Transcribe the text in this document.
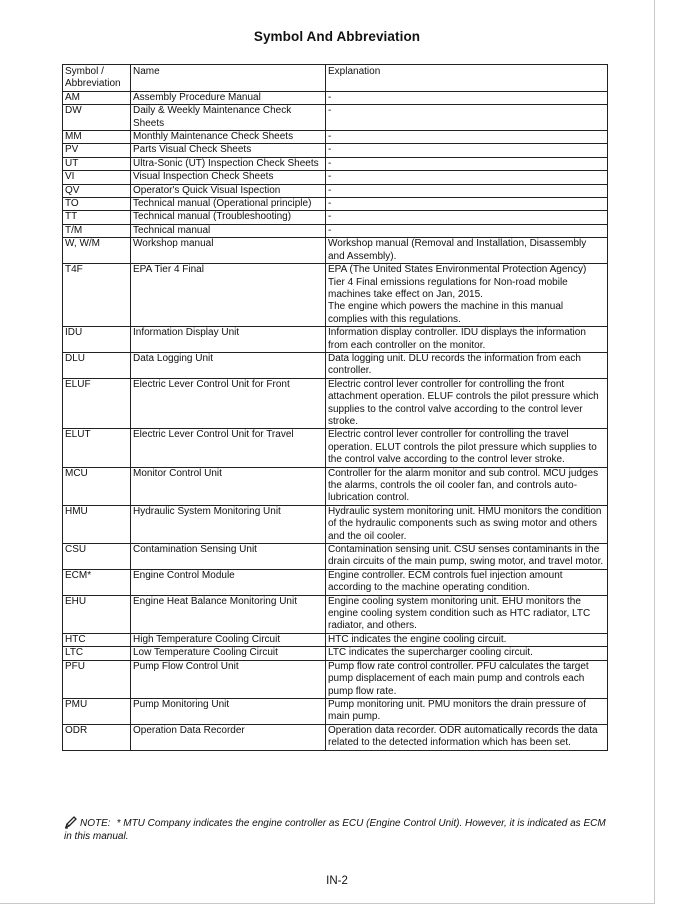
Symbol And Abbreviation
Symbol /
Abbreviation	Name	Explanation
AM	Assembly Procedure Manual	-
DW	Daily & Weekly Maintenance Check Sheets	-
MM	Monthly Maintenance Check Sheets	-
PV	Parts Visual Check Sheets	-
UT	Ultra-Sonic (UT) Inspection Check Sheets	-
VI	Visual Inspection Check Sheets	-
QV	Operator's Quick Visual Ispection	-
TO	Technical manual (Operational principle)	-
TT	Technical manual (Troubleshooting)	-
T/M	Technical manual	-
W, W/M	Workshop manual	Workshop manual (Removal and Installation, Disassembly and Assembly).
T4F	EPA Tier 4 Final	EPA (The United States Environmental Protection Agency) Tier 4 Final emissions regulations for Non-road mobile machines take effect on Jan, 2015.
The engine which powers the machine in this manual complies with this regulations.
IDU	Information Display Unit	Information display controller. IDU displays the information from each controller on the monitor.
DLU	Data Logging Unit	Data logging unit. DLU records the information from each controller.
ELUF	Electric Lever Control Unit for Front	Electric control lever controller for controlling the front attachment operation. ELUF controls the pilot pressure which supplies to the control valve according to the control lever stroke.
ELUT	Electric Lever Control Unit for Travel	Electric control lever controller for controlling the travel operation. ELUT controls the pilot pressure which supplies to the control valve according to the control lever stroke.
MCU	Monitor Control Unit	Controller for the alarm monitor and sub control. MCU judges the alarms, controls the oil cooler fan, and controls auto-lubrication control.
HMU	Hydraulic System Monitoring Unit	Hydraulic system monitoring unit. HMU monitors the condition of the hydraulic components such as swing motor and others and the oil cooler.
CSU	Contamination Sensing Unit	Contamination sensing unit. CSU senses contaminants in the drain circuits of the main pump, swing motor, and travel motor.
ECM*	Engine Control Module	Engine controller. ECM controls fuel injection amount according to the machine operating condition.
EHU	Engine Heat Balance Monitoring Unit	Engine cooling system monitoring unit. EHU monitors the engine cooling system condition such as HTC radiator, LTC radiator, and others.
HTC	High Temperature Cooling Circuit	HTC indicates the engine cooling circuit.
LTC	Low Temperature Cooling Circuit	LTC indicates the supercharger cooling circuit.
PFU	Pump Flow Control Unit	Pump flow rate control controller. PFU calculates the target pump displacement of each main pump and controls each pump flow rate.
PMU	Pump Monitoring Unit	Pump monitoring unit. PMU monitors the drain pressure of main pump.
ODR	Operation Data Recorder	Operation data recorder. ODR automatically records the data related to the detected information which has been set.
NOTE: * MTU Company indicates the engine controller as ECU (Engine Control Unit). However, it is indicated as ECM in this manual.
IN-2
